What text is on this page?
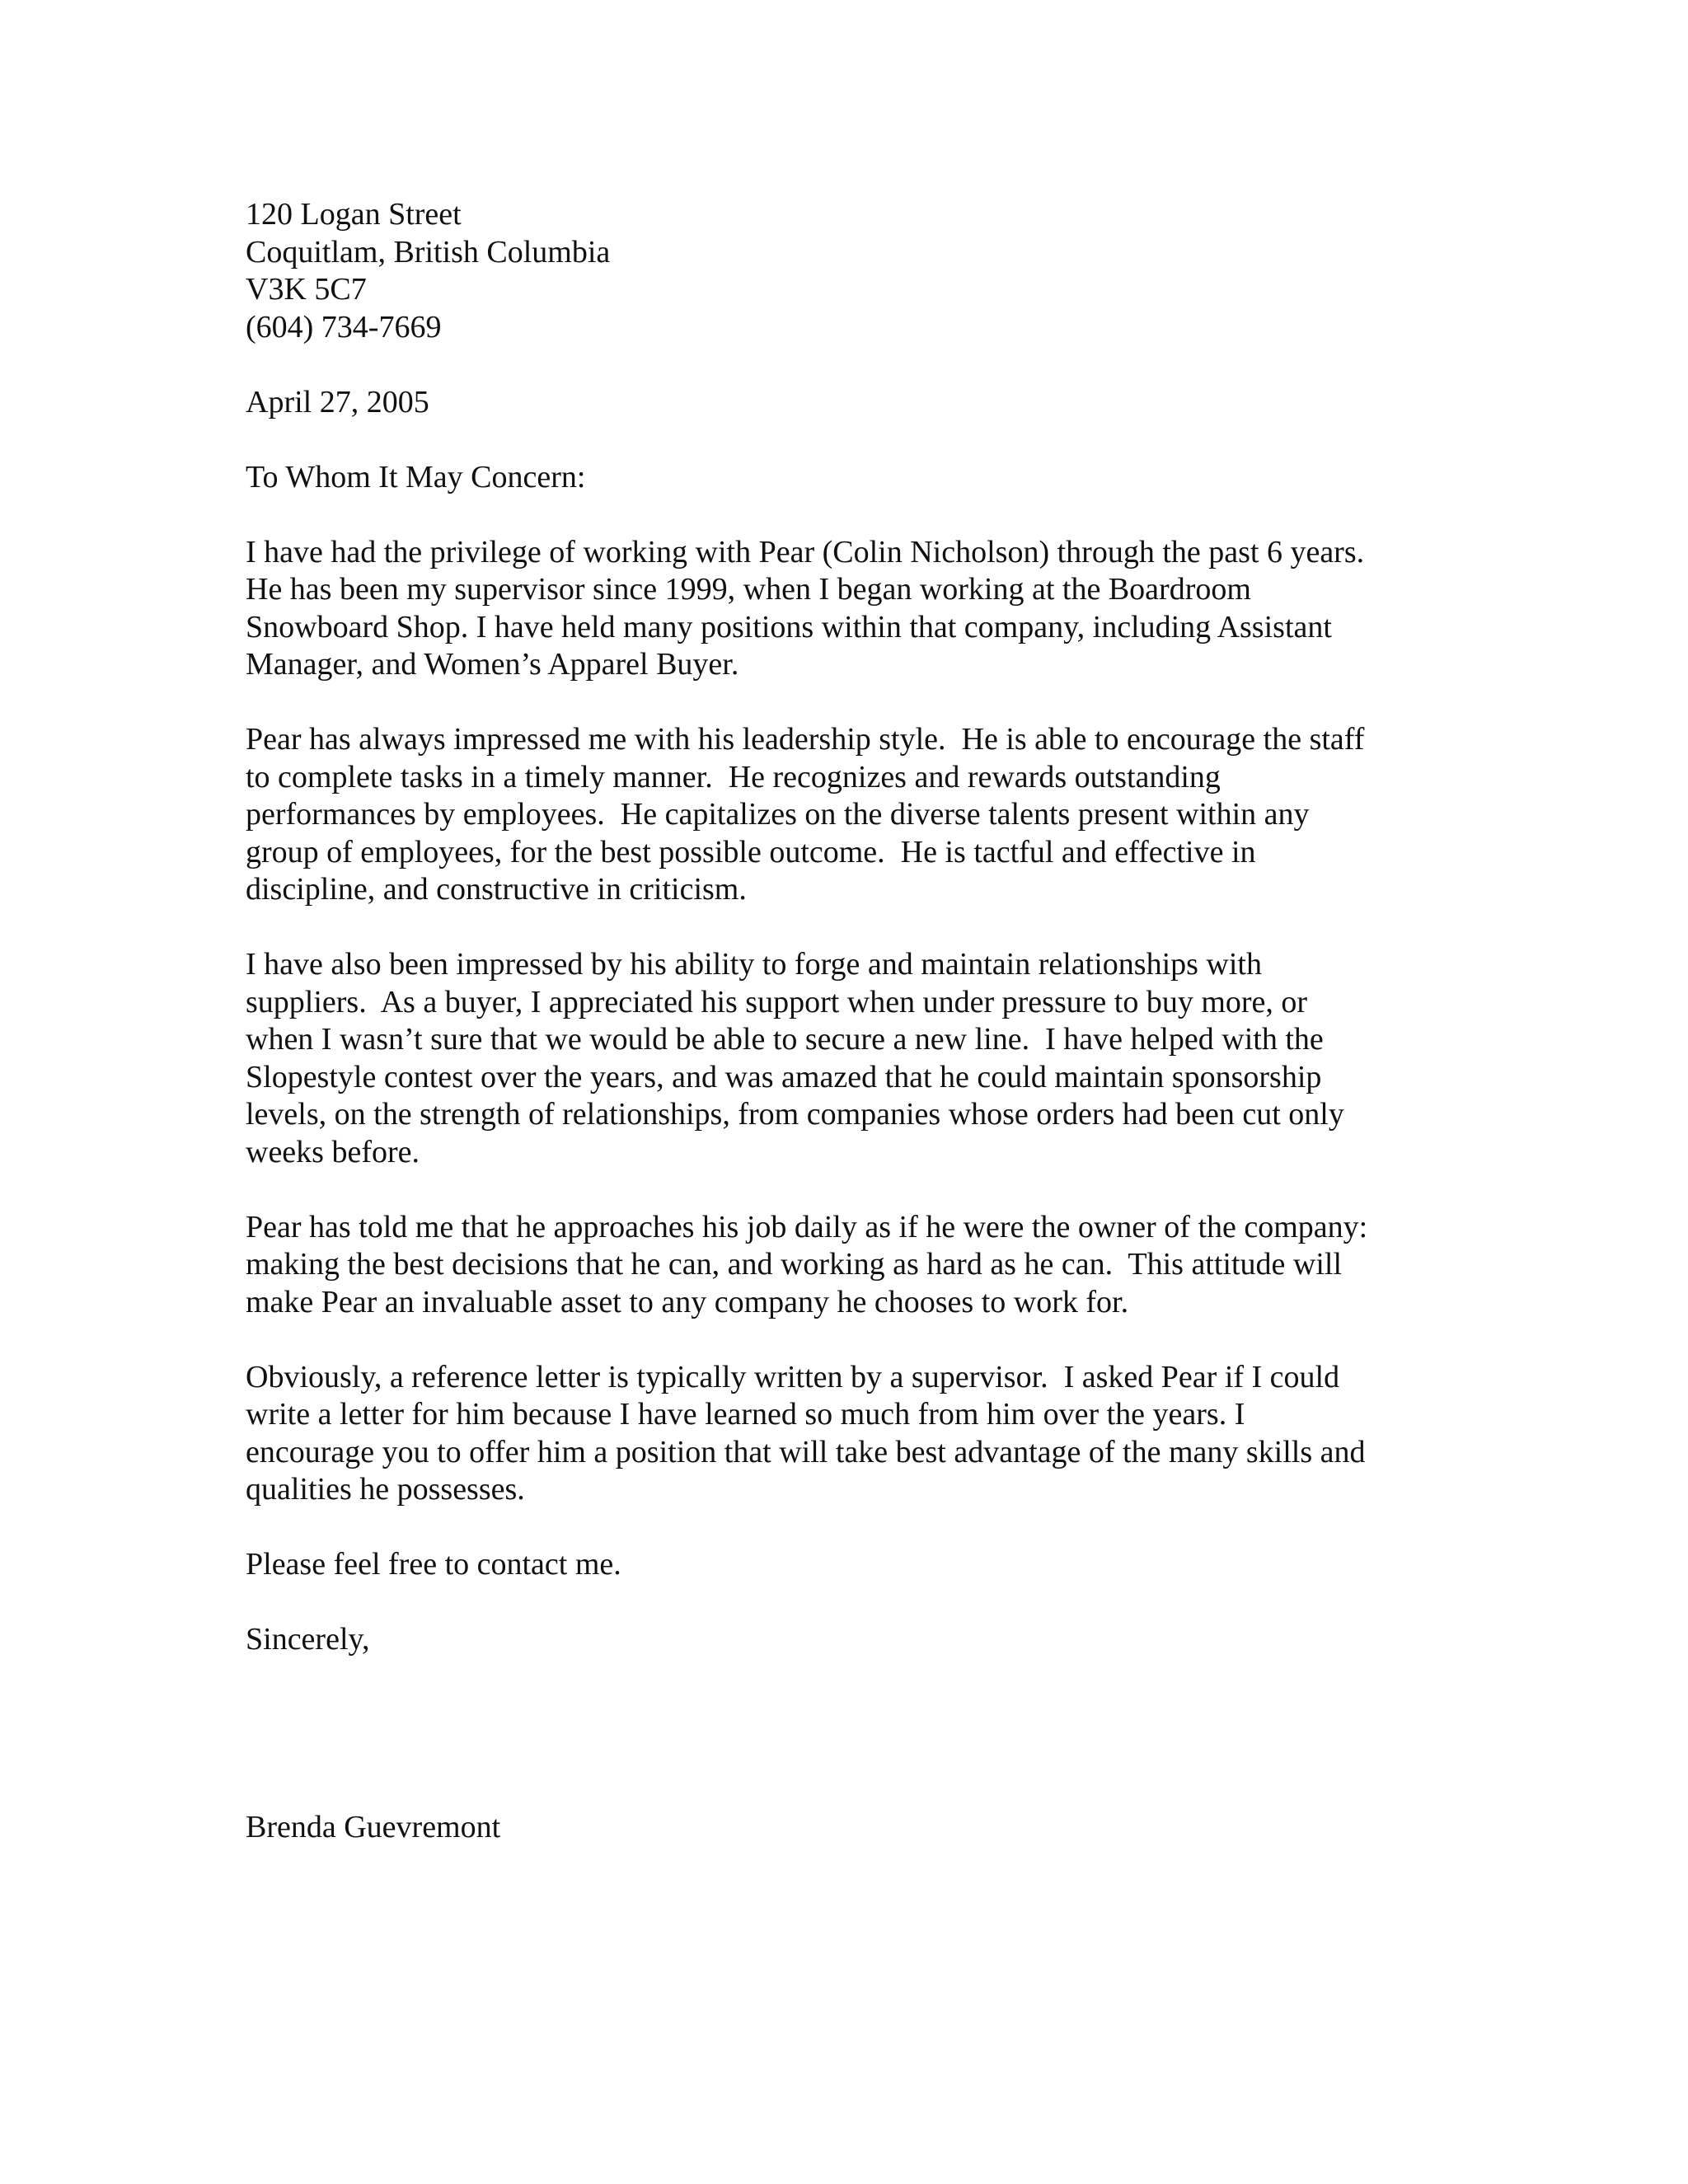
120 Logan Street
Coquitlam, British Columbia
V3K 5C7
(604) 734-7669
April 27, 2005
To Whom It May Concern:
I have had the privilege of working with Pear (Colin Nicholson) through the past 6 years.
He has been my supervisor since 1999, when I began working at the Boardroom
Snowboard Shop. I have held many positions within that company, including Assistant
Manager, and Women’s Apparel Buyer.
Pear has always impressed me with his leadership style.  He is able to encourage the staff
to complete tasks in a timely manner.  He recognizes and rewards outstanding
performances by employees.  He capitalizes on the diverse talents present within any
group of employees, for the best possible outcome.  He is tactful and effective in
discipline, and constructive in criticism.
I have also been impressed by his ability to forge and maintain relationships with
suppliers.  As a buyer, I appreciated his support when under pressure to buy more, or
when I wasn’t sure that we would be able to secure a new line.  I have helped with the
Slopestyle contest over the years, and was amazed that he could maintain sponsorship
levels, on the strength of relationships, from companies whose orders had been cut only
weeks before.
Pear has told me that he approaches his job daily as if he were the owner of the company:
making the best decisions that he can, and working as hard as he can.  This attitude will
make Pear an invaluable asset to any company he chooses to work for.
Obviously, a reference letter is typically written by a supervisor.  I asked Pear if I could
write a letter for him because I have learned so much from him over the years. I
encourage you to offer him a position that will take best advantage of the many skills and
qualities he possesses.
Please feel free to contact me.
Sincerely,
Brenda Guevremont
